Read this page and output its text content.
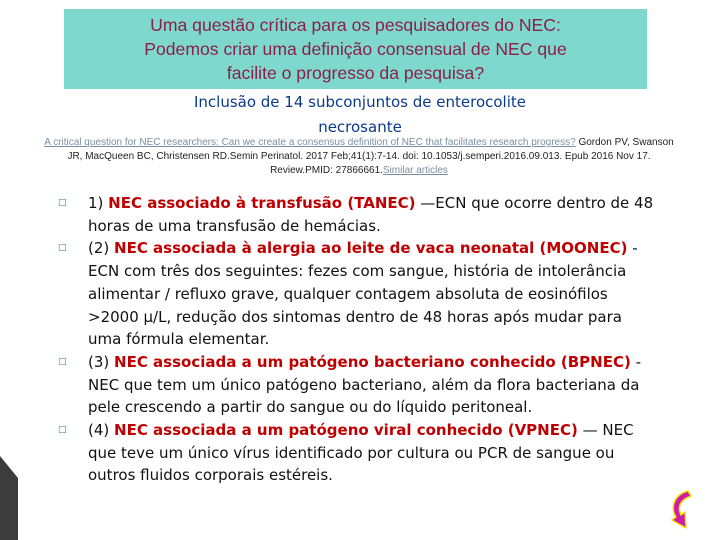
Uma questão crítica para os pesquisadores do NEC:
Podemos criar uma definição consensual de NEC que
facilite o progresso da pesquisa?
Inclusão de 14 subconjuntos de enterocolite
necrosante
A critical question for NEC researchers: Can we create a consensus definition of NEC that facilitates research progress? Gordon PV, Swanson JR, MacQueen BC, Christensen RD.Semin Perinatol. 2017 Feb;41(1):7-14. doi: 10.1053/j.semperi.2016.09.013. Epub 2016 Nov 17. Review.PMID: 27866661.Similar articles
□ 1) NEC associado à transfusão (TANEC) —ECN que ocorre dentro de 48 horas de uma transfusão de hemácias.
□ (2) NEC associada à alergia ao leite de vaca neonatal (MOONEC) - ECN com três dos seguintes: fezes com sangue, história de intolerância alimentar / refluxo grave, qualquer contagem absoluta de eosinófilos >2000 µ/L, redução dos sintomas dentro de 48 horas após mudar para uma fórmula elementar.
□ (3) NEC associada a um patógeno bacteriano conhecido (BPNEC) - NEC que tem um único patógeno bacteriano, além da flora bacteriana da pele crescendo a partir do sangue ou do líquido peritoneal.
□ (4) NEC associada a um patógeno viral conhecido (VPNEC) — NEC que teve um único vírus identificado por cultura ou PCR de sangue ou outros fluidos corporais estéreis.
